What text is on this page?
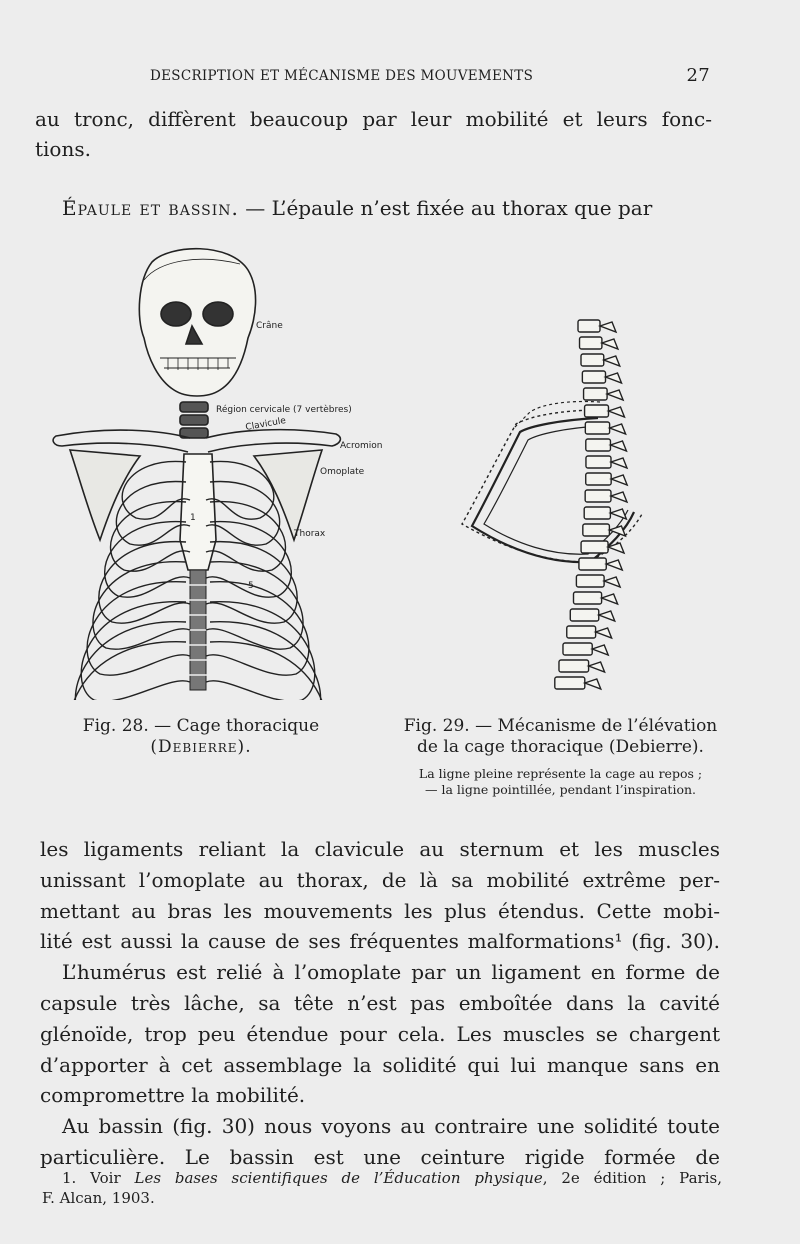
DESCRIPTION ET MÉCANISME DES MOUVEMENTS	27
au tronc, diffèrent beaucoup par leur mobilité et leurs fonc-
tions.
Épaule et bassin. — L’épaule n’est fixée au thorax que par
Crâne
Région cervicale (7 vertèbres)
Clavicule
Acromion
Omoplate
Thorax
1
5
Fig. 28. — Cage thoracique
(Debierre).
Fig. 29. — Mécanisme de l’élévation
de la cage thoracique (Debierre).
La ligne pleine représente la cage au repos ;
— la ligne pointillée, pendant l’inspiration.
les ligaments reliant la clavicule au sternum et les muscles
unissant l’omoplate au thorax, de là sa mobilité extrême per-
mettant au bras les mouvements les plus étendus. Cette mobi-
lité est aussi la cause de ses fréquentes malformations¹ (fig. 30).
L’humérus est relié à l’omoplate par un ligament en forme de
capsule très lâche, sa tête n’est pas emboîtée dans la cavité
glénoïde, trop peu étendue pour cela. Les muscles se chargent
d’apporter à cet assemblage la solidité qui lui manque sans en
compromettre la mobilité.
Au bassin (fig. 30) nous voyons au contraire une solidité toute
particulière. Le bassin est une ceinture rigide formée de
1. Voir Les bases scientifiques de l’Éducation physique, 2e édition ; Paris,
F. Alcan, 1903.
